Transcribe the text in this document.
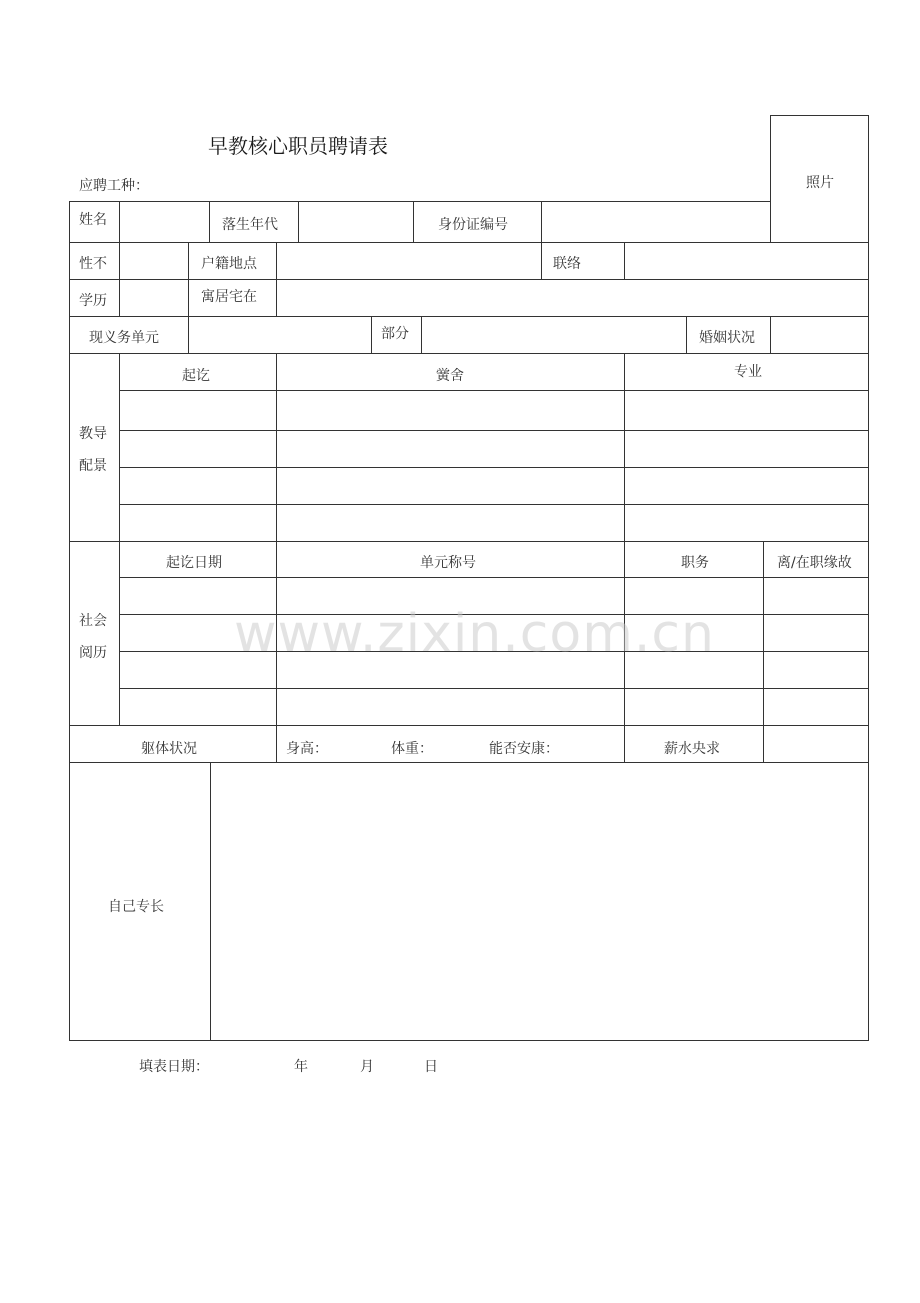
早教核心职员聘请表
应聘工种：	照片
姓名	落生年代	身份证编号
性不	户籍地点	联络
学历	寓居宅在
现义务单元	部分	婚姻状况
教导
配景
起讫	黉舍	专业
社会
阅历
起讫日期	单元称号	职务	离/在职缘故
躯体状况	身高：	体重：	能否安康：	薪水央求
自己专长
填表日期：	年	月	日
www.zixin.com.cn
